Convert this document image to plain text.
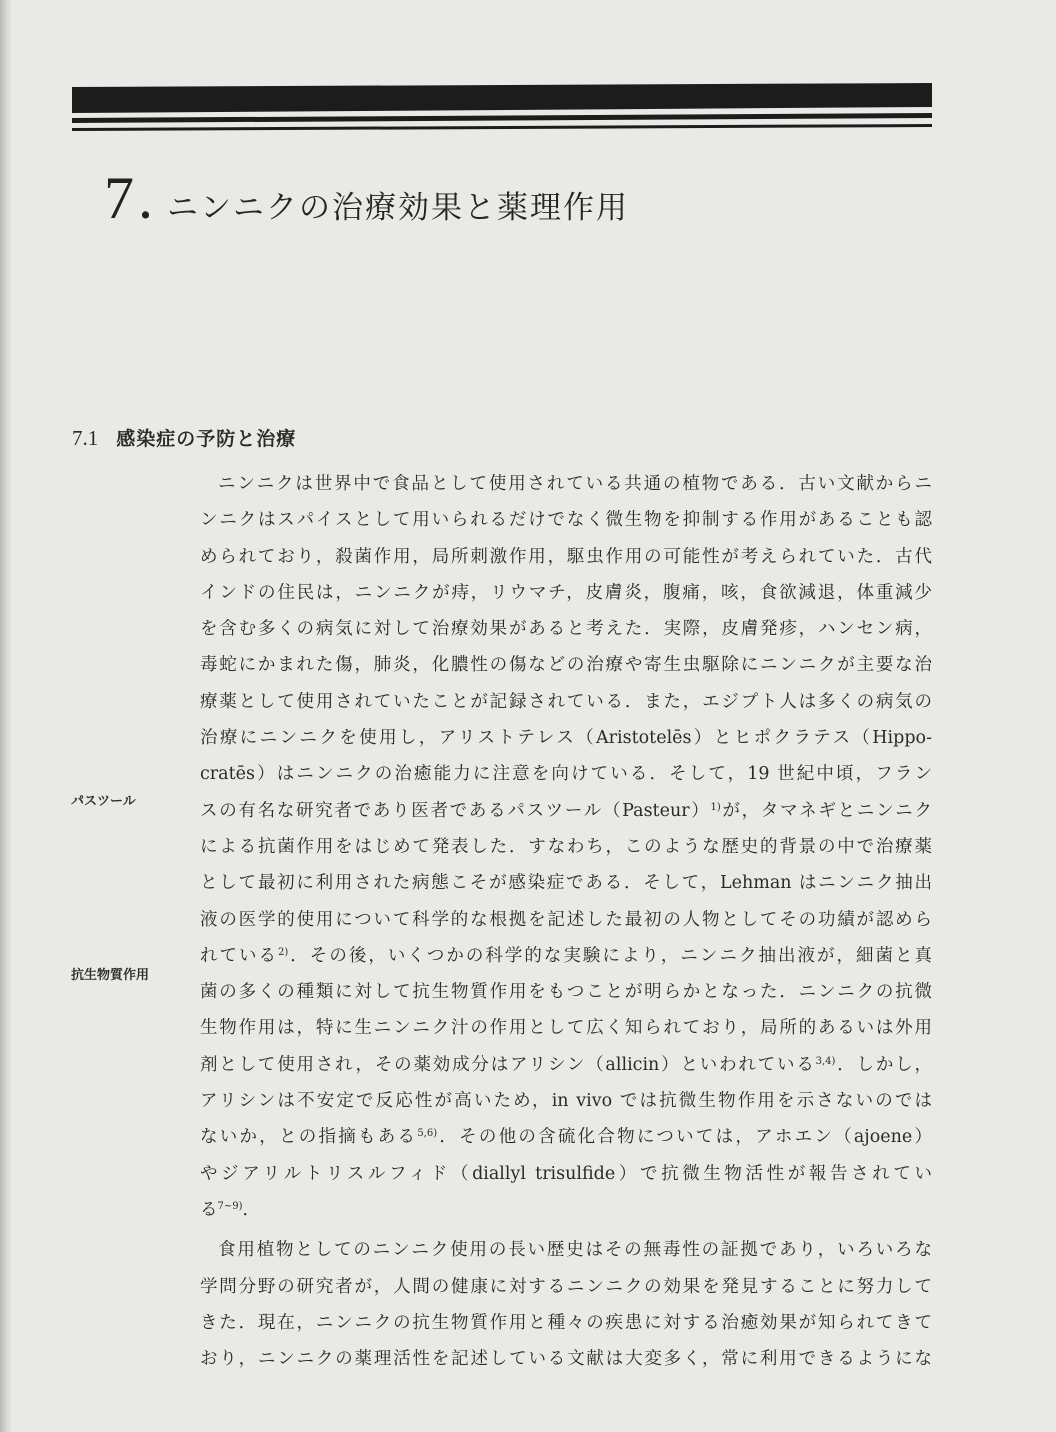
7 . ニンニクの治療効果と薬理作用
7.1 感染症の予防と治療
パスツール
抗生物質作用
ニンニクは世界中で食品として使用されている共通の植物である．古い文献からニ
ンニクはスパイスとして用いられるだけでなく微生物を抑制する作用があることも認
められており，殺菌作用，局所刺激作用，駆虫作用の可能性が考えられていた．古代
インドの住民は，ニンニクが痔，リウマチ，皮膚炎，腹痛，咳，食欲減退，体重減少
を含む多くの病気に対して治療効果があると考えた．実際，皮膚発疹，ハンセン病，
毒蛇にかまれた傷，肺炎，化膿性の傷などの治療や寄生虫駆除にニンニクが主要な治
療薬として使用されていたことが記録されている．また，エジプト人は多くの病気の
治療にニンニクを使用し，アリストテレス（Aristotelēs）とヒポクラテス（Hippo-
cratēs）はニンニクの治癒能力に注意を向けている．そして，19 世紀中頃，フラン
スの有名な研究者であり医者であるパスツール（Pasteur）$^{1)}$が，タマネギとニンニク
による抗菌作用をはじめて発表した．すなわち，このような歴史的背景の中で治療薬
として最初に利用された病態こそが感染症である．そして，Lehman はニンニク抽出
液の医学的使用について科学的な根拠を記述した最初の人物としてその功績が認めら
れている$^{2)}$．その後，いくつかの科学的な実験により，ニンニク抽出液が，細菌と真
菌の多くの種類に対して抗生物質作用をもつことが明らかとなった．ニンニクの抗微
生物作用は，特に生ニンニク汁の作用として広く知られており，局所的あるいは外用
剤として使用され，その薬効成分はアリシン（allicin）といわれている$^{3,4)}$．しかし，
アリシンは不安定で反応性が高いため，in vivo では抗微生物作用を示さないのでは
ないか，との指摘もある$^{5,6)}$．その他の含硫化合物については，アホエン（ajoene）
やジアリルトリスルフィド（diallyl trisulfide）で抗微生物活性が報告されてい
る$^{7\sim 9)}$．
食用植物としてのニンニク使用の長い歴史はその無毒性の証拠であり，いろいろな
学問分野の研究者が，人間の健康に対するニンニクの効果を発見することに努力して
きた．現在，ニンニクの抗生物質作用と種々の疾患に対する治癒効果が知られてきて
おり，ニンニクの薬理活性を記述している文献は大変多く，常に利用できるようにな
